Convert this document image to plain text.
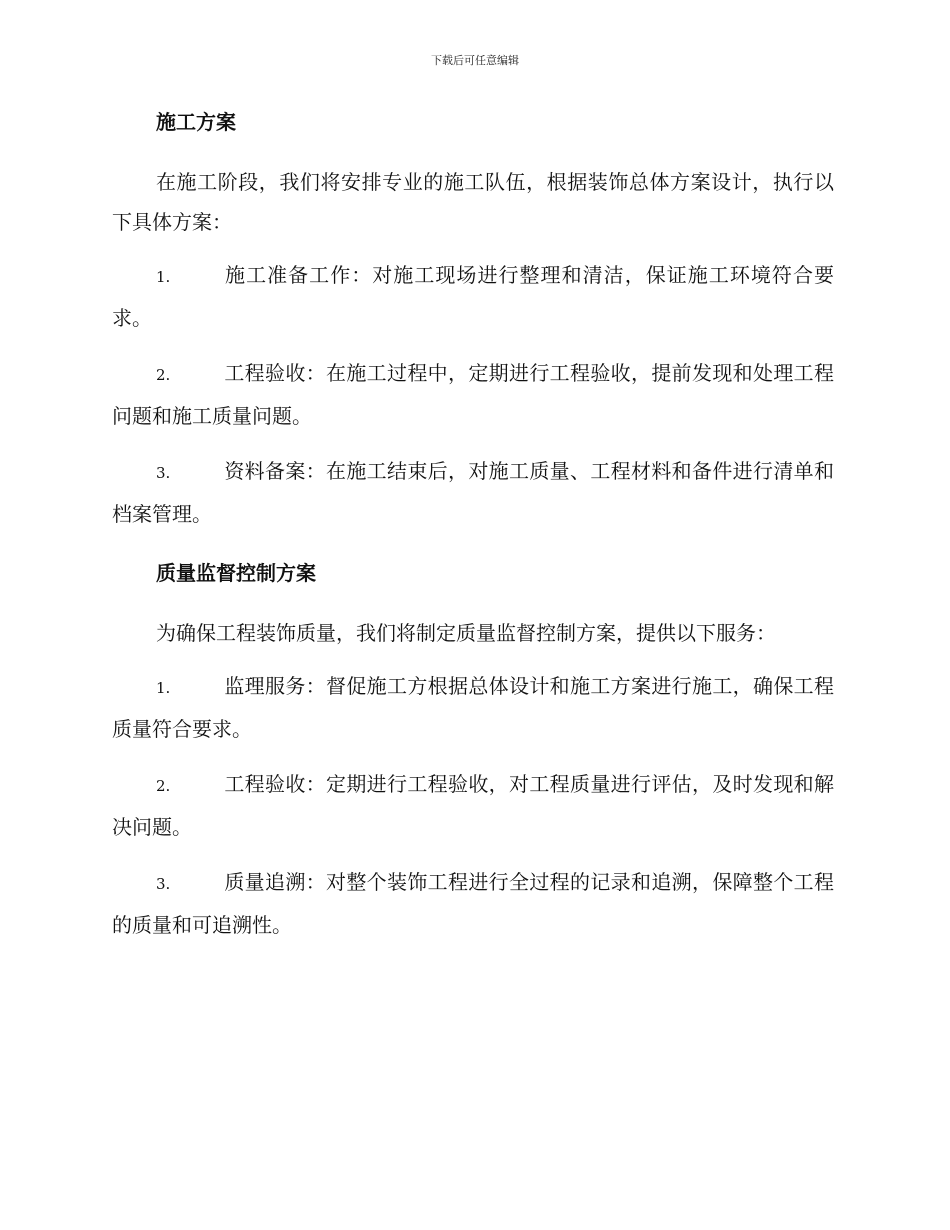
下载后可任意编辑
施工方案

在施工阶段，我们将安排专业的施工队伍，根据装饰总体方案设计，执行以下具体方案：

1.	施工准备工作：对施工现场进行整理和清洁，保证施工环境符合要求。

2.	工程验收：在施工过程中，定期进行工程验收，提前发现和处理工程问题和施工质量问题。

3.	资料备案：在施工结束后，对施工质量、工程材料和备件进行清单和档案管理。

质量监督控制方案

为确保工程装饰质量，我们将制定质量监督控制方案，提供以下服务：

1.	监理服务：督促施工方根据总体设计和施工方案进行施工，确保工程质量符合要求。

2.	工程验收：定期进行工程验收，对工程质量进行评估，及时发现和解决问题。

3.	质量追溯：对整个装饰工程进行全过程的记录和追溯，保障整个工程的质量和可追溯性。
